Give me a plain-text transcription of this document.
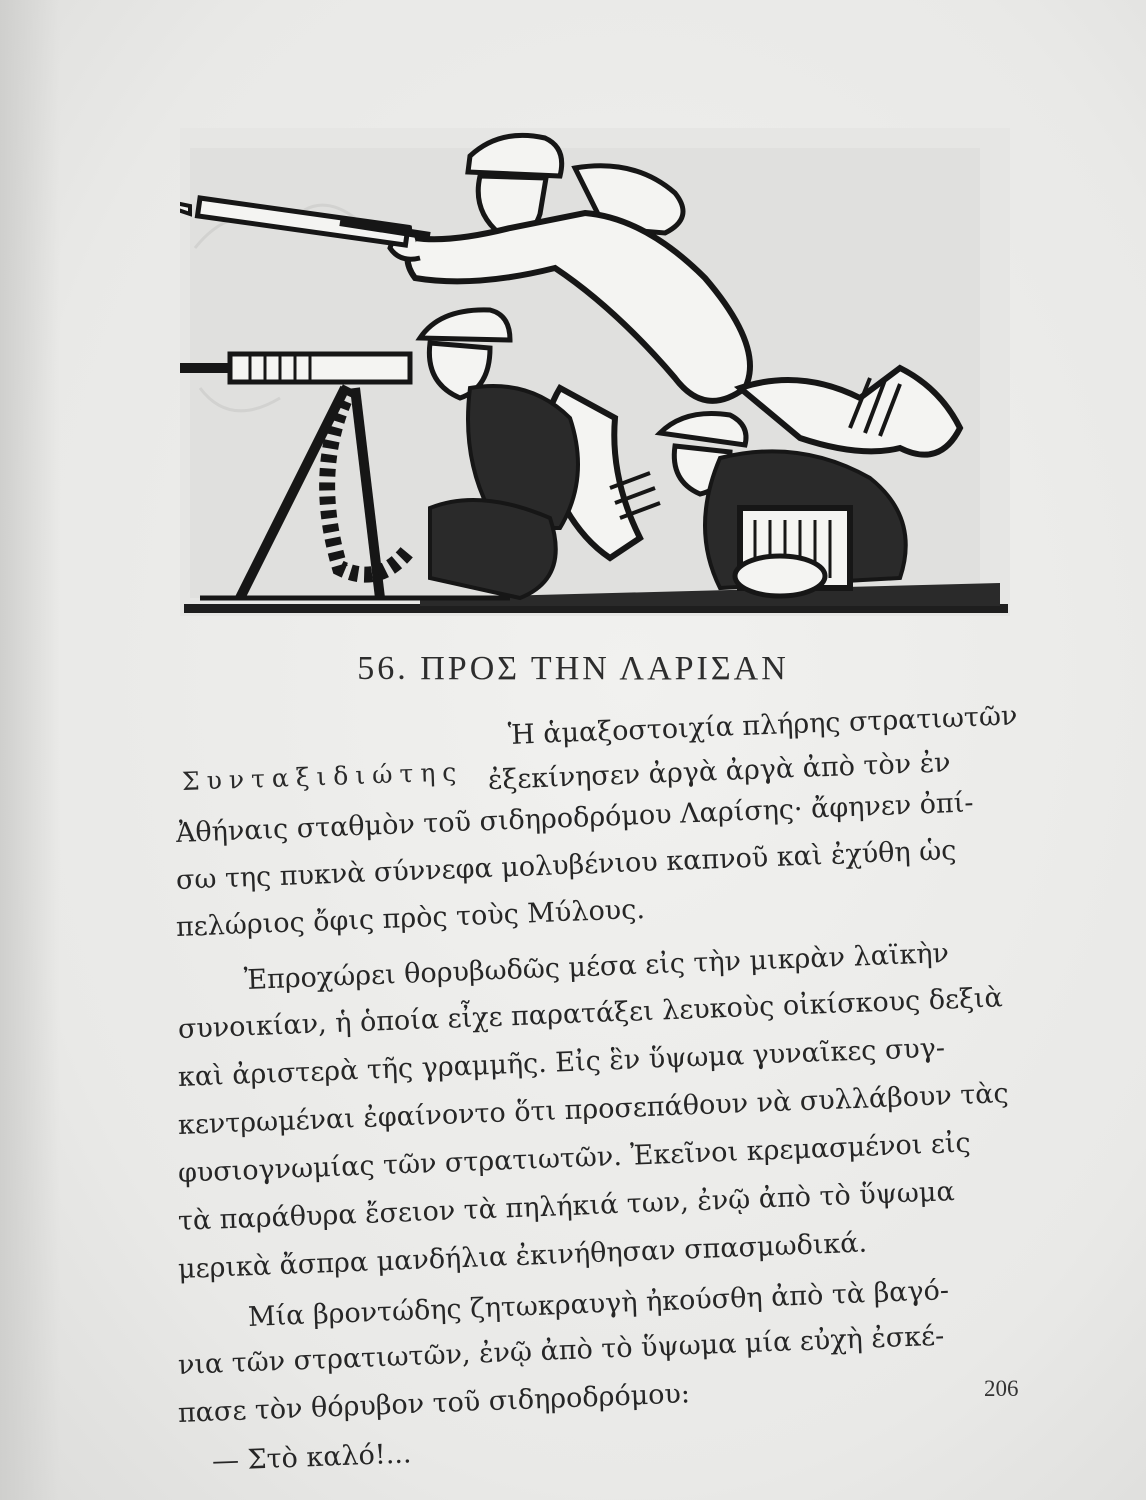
56. ΠΡΟΣ ΤΗΝ ΛΑΡΙΣΑΝ
Συνταξιδιώτης
Ἡ ἁμαξοστοιχία πλήρης στρατιωτῶν
ἐξεκίνησεν ἀργὰ ἀργὰ ἀπὸ τὸν ἐν
Ἀθήναις σταθμὸν τοῦ σιδηροδρόμου Λαρίσης· ἄφηνεν ὀπί-
σω της πυκνὰ σύννεφα μολυβένιου καπνοῦ καὶ ἐχύθη ὡς
πελώριος ὄφις πρὸς τοὺς Μύλους.
Ἐπροχώρει θορυβωδῶς μέσα εἰς τὴν μικρὰν λαϊκὴν
συνοικίαν, ἡ ὁποία εἶχε παρατάξει λευκοὺς οἰκίσκους δεξιὰ
καὶ ἀριστερὰ τῆς γραμμῆς. Εἰς ἓν ὕψωμα γυναῖκες συγ-
κεντρωμέναι ἐφαίνοντο ὅτι προσεπάθουν νὰ συλλάβουν τὰς
φυσιογνωμίας τῶν στρατιωτῶν. Ἐκεῖνοι κρεμασμένοι εἰς
τὰ παράθυρα ἔσειον τὰ πηλήκιά των, ἐνῷ ἀπὸ τὸ ὕψωμα
μερικὰ ἄσπρα μανδήλια ἐκινήθησαν σπασμωδικά.
Μία βροντώδης ζητωκραυγὴ ἠκούσθη ἀπὸ τὰ βαγό-
νια τῶν στρατιωτῶν, ἐνῷ ἀπὸ τὸ ὕψωμα μία εὐχὴ ἐσκέ-
πασε τὸν θόρυβον τοῦ σιδηροδρόμου:
— Στὸ καλό!...
206
